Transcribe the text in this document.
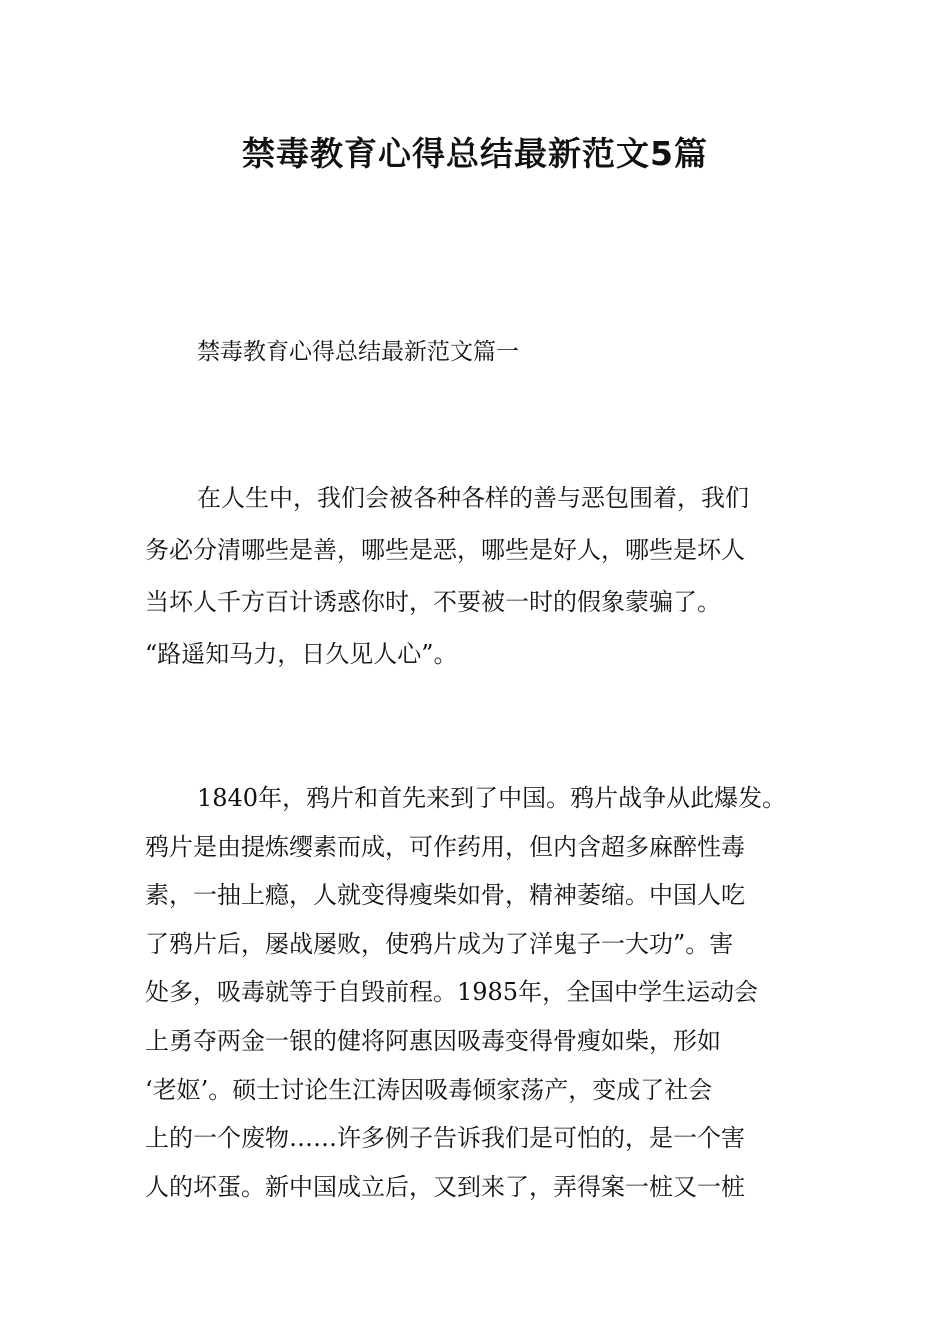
禁毒教育心得总结最新范文5篇
禁毒教育心得总结最新范文篇一
在人生中，我们会被各种各样的善与恶包围着，我们
务必分清哪些是善，哪些是恶，哪些是好人，哪些是坏人
当坏人千方百计诱惑你时，不要被一时的假象蒙骗了。
“路遥知马力，日久见人心”。
1840年，鸦片和首先来到了中国。鸦片战争从此爆发。
鸦片是由提炼缨素而成，可作药用，但内含超多麻醉性毒
素，一抽上瘾，人就变得瘦柴如骨，精神萎缩。中国人吃
了鸦片后，屡战屡败，使鸦片成为了洋鬼子一大功”。害
处多，吸毒就等于自毁前程。1985年，全国中学生运动会
上勇夺两金一银的健将阿惠因吸毒变得骨瘦如柴，形如
‘老妪’。硕士讨论生江涛因吸毒倾家荡产，变成了社会
上的一个废物……许多例子告诉我们是可怕的，是一个害
人的坏蛋。新中国成立后，又到来了，弄得案一桩又一桩
